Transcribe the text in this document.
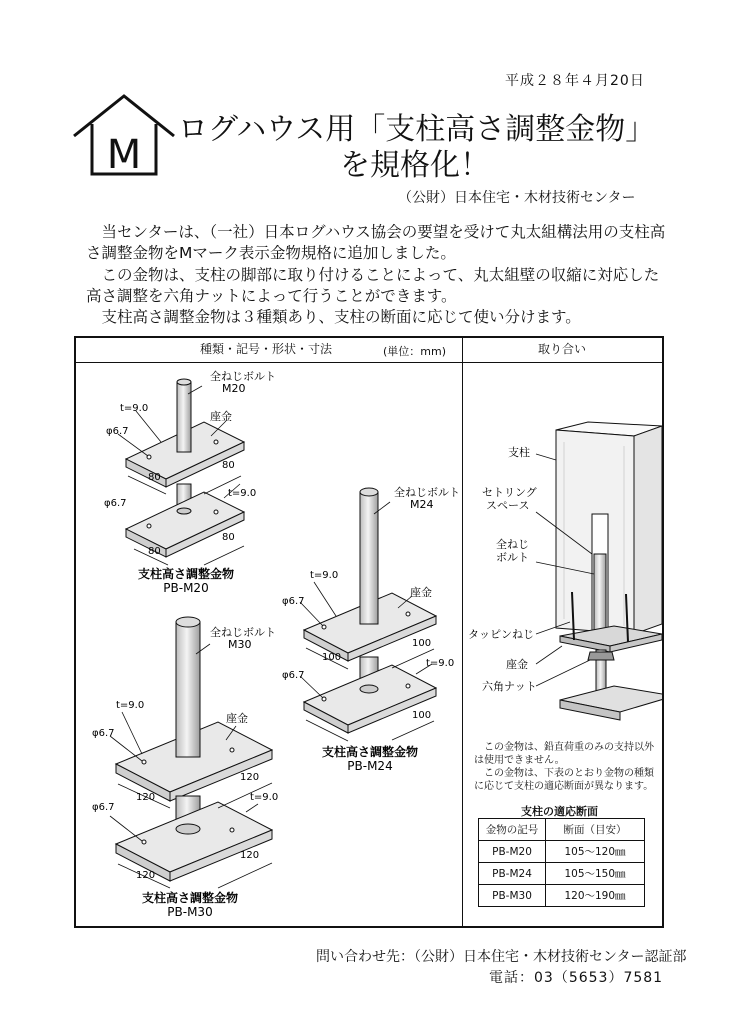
平成２８年４月20日
M
ログハウス用「支柱高さ調整金物」
を規格化！
（公財）日本住宅・木材技術センター

当センターは、（一社）日本ログハウス協会の要望を受けて丸太組構法用の支柱高さ調整金物をMマーク表示金物規格に追加しました。

この金物は、支柱の脚部に取り付けることによって、丸太組壁の収縮に対応した高さ調整を六角ナットによって行うことができます。

支柱高さ調整金物は３種類あり、支柱の断面に応じて使い分けます。

種類・記号・形状・寸法	(単位：mm)	取り合い
全ねじボルト
M20
座金
t=9.0
φ6.7
80
80
φ6.7
t=9.0
80
80
支柱高さ調整金物
PB-M20
全ねじボルト
M24
座金
t=9.0
φ6.7
100
100
φ6.7
t=9.0
100
支柱高さ調整金物
PB-M24
全ねじボルト
M30
座金
t=9.0
φ6.7
120
120
φ6.7
t=9.0
120
120
支柱高さ調整金物
PB-M30
支柱
セトリング
スペース
全ねじ
ボルト
タッピンねじ
座金
六角ナット

この金物は、鉛直荷重のみの支持以外は使用できません。

この金物は、下表のとおり金物の種類に応じて支柱の適応断面が異なります。

支柱の適応断面
金物の記号	断面（目安）
PB-M20	105〜120㎜
PB-M24	105〜150㎜
PB-M30	120〜190㎜
問い合わせ先：（公財）日本住宅・木材技術センター認証部
電話：03（5653）7581
